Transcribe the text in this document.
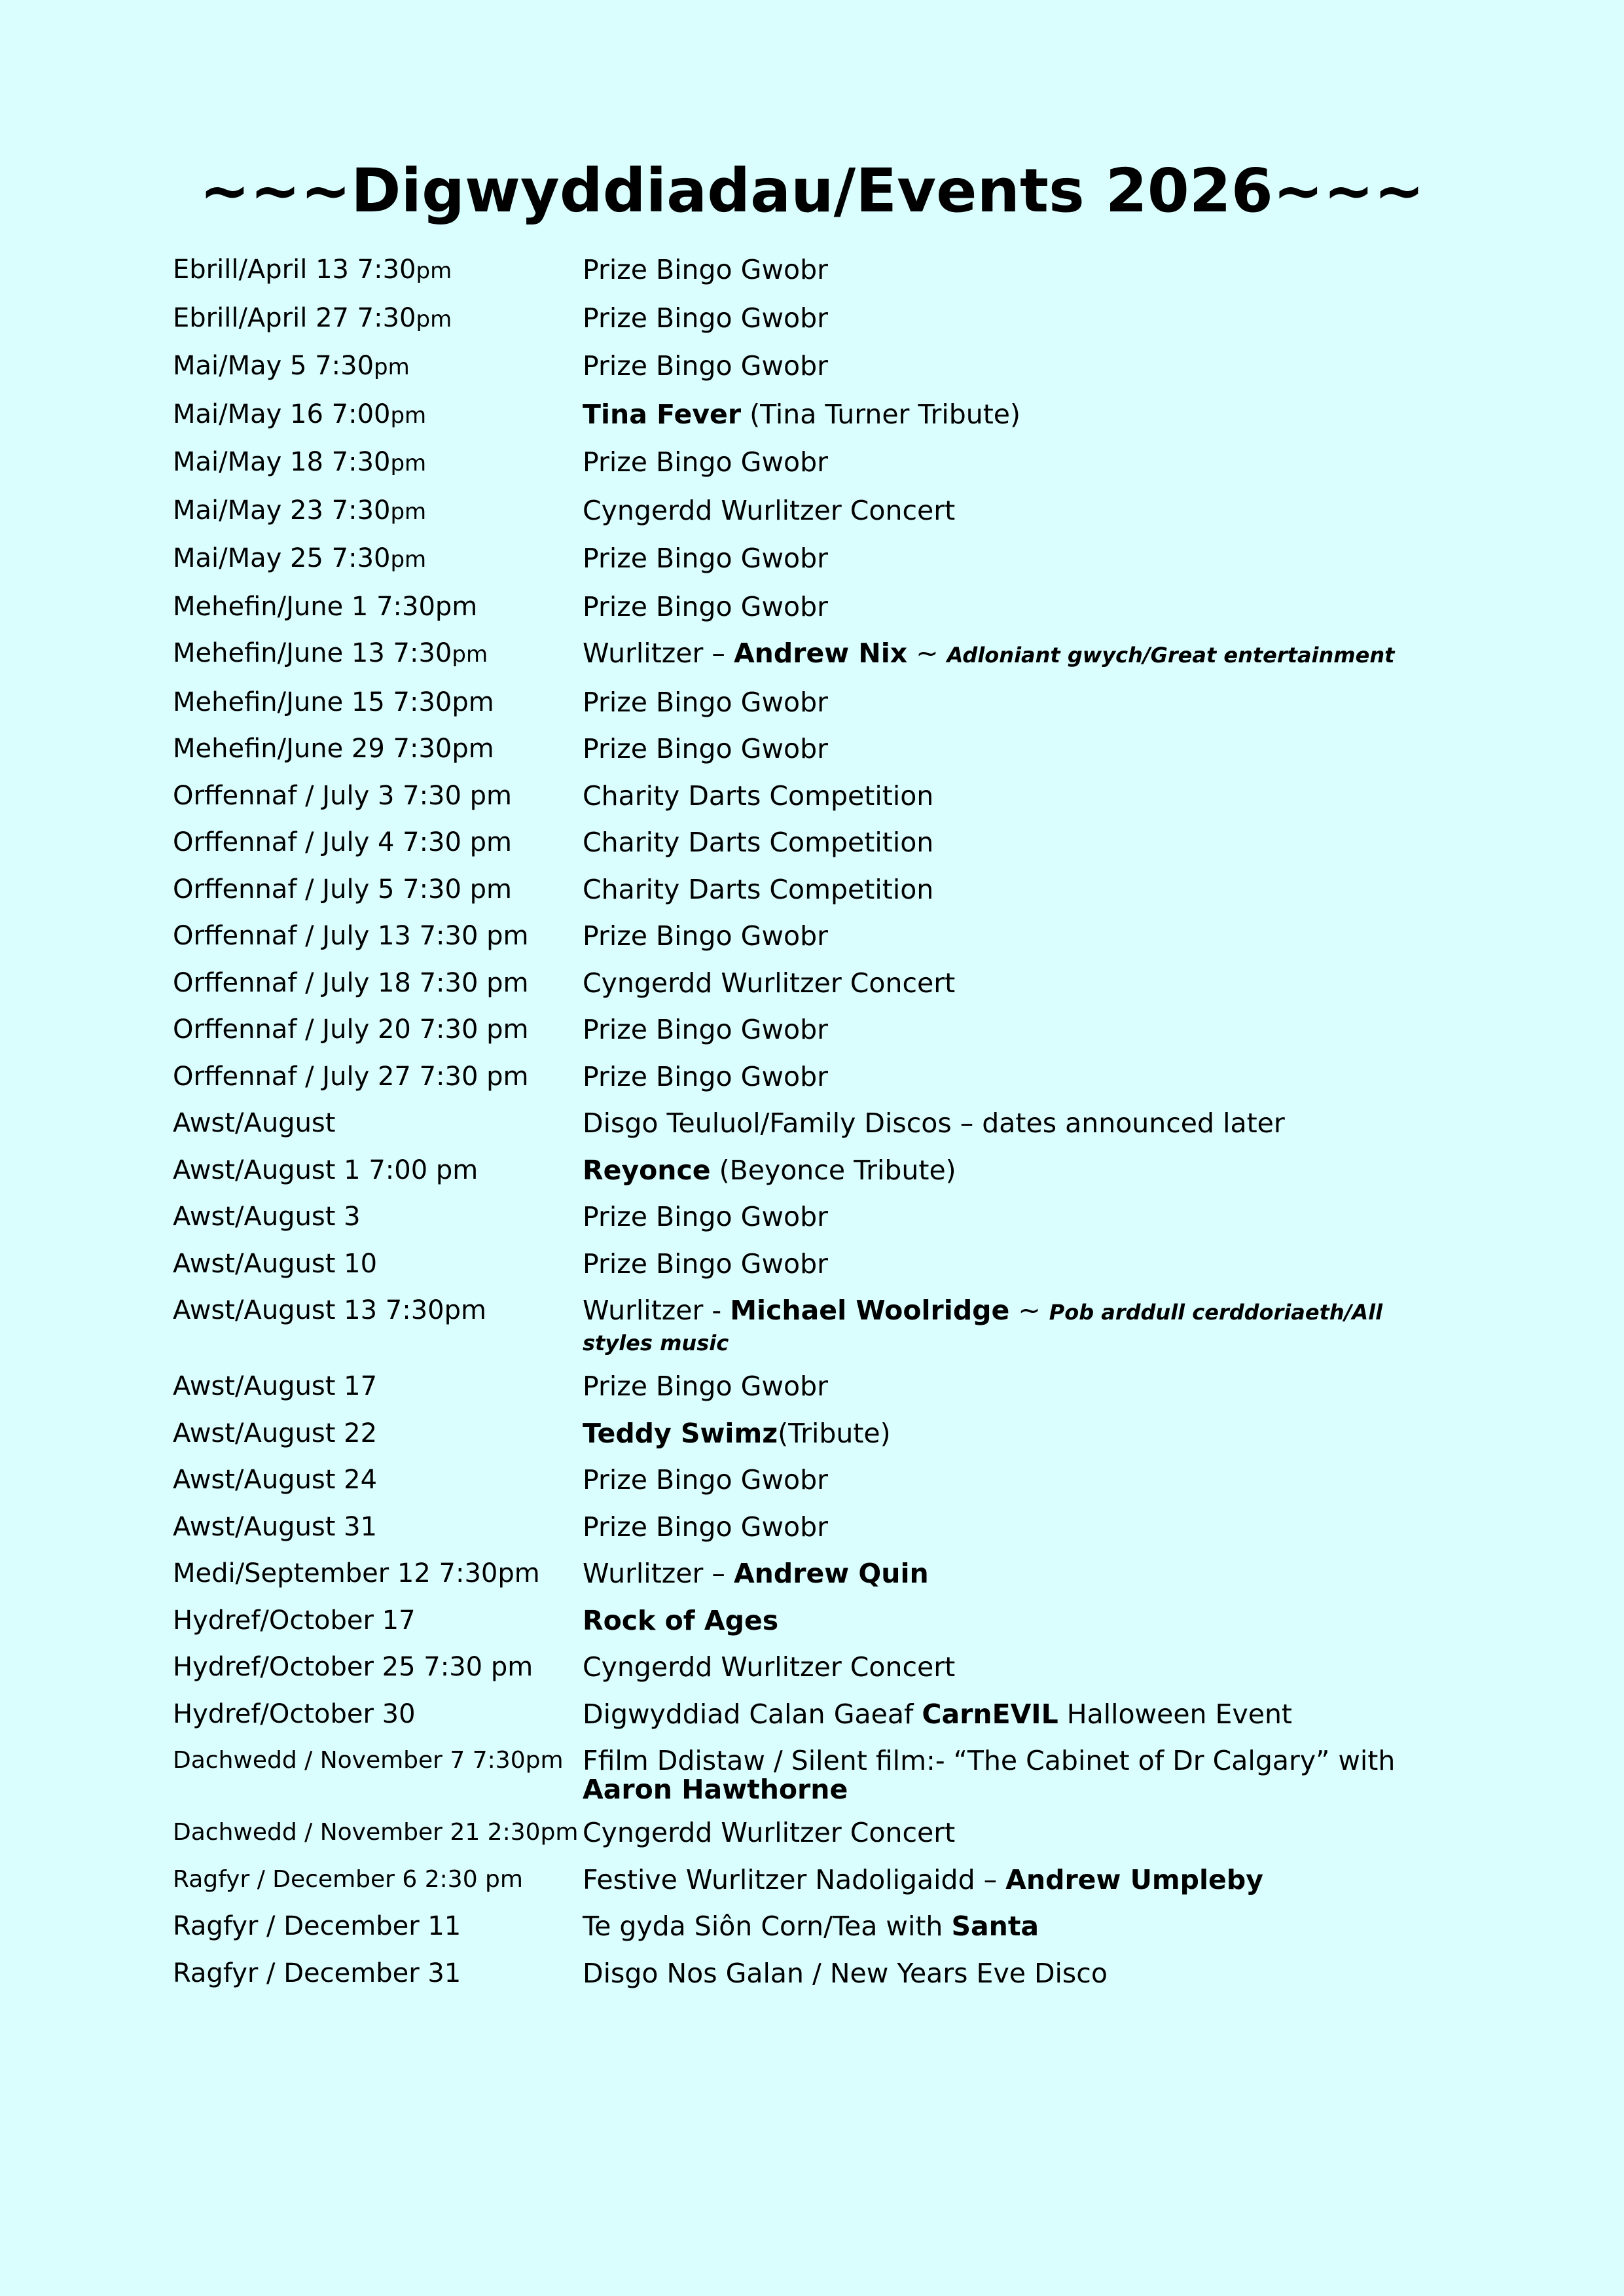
~~~Digwyddiadau/Events 2026~~~
Ebrill/April 13 7:30pm	Prize Bingo Gwobr
Ebrill/April 27 7:30pm	Prize Bingo Gwobr
Mai/May 5 7:30pm	Prize Bingo Gwobr
Mai/May 16 7:00pm	Tina Fever (Tina Turner Tribute)
Mai/May 18 7:30pm	Prize Bingo Gwobr
Mai/May 23 7:30pm	Cyngerdd Wurlitzer Concert
Mai/May 25 7:30pm	Prize Bingo Gwobr
Mehefin/June 1 7:30pm	Prize Bingo Gwobr
Mehefin/June 13 7:30pm	Wurlitzer – Andrew Nix ~ Adloniant gwych/Great entertainment
Mehefin/June 15 7:30pm	Prize Bingo Gwobr
Mehefin/June 29 7:30pm	Prize Bingo Gwobr
Orffennaf / July 3 7:30 pm	Charity Darts Competition
Orffennaf / July 4 7:30 pm	Charity Darts Competition
Orffennaf / July 5 7:30 pm	Charity Darts Competition
Orffennaf / July 13 7:30 pm	Prize Bingo Gwobr
Orffennaf / July 18 7:30 pm	Cyngerdd Wurlitzer Concert
Orffennaf / July 20 7:30 pm	Prize Bingo Gwobr
Orffennaf / July 27 7:30 pm	Prize Bingo Gwobr
Awst/August	Disgo Teuluol/Family Discos – dates announced later
Awst/August 1 7:00 pm	Reyonce (Beyonce Tribute)
Awst/August 3	Prize Bingo Gwobr
Awst/August 10	Prize Bingo Gwobr
Awst/August 13 7:30pm	Wurlitzer - Michael Woolridge ~ Pob arddull cerddoriaeth/All styles music
Awst/August 17	Prize Bingo Gwobr
Awst/August 22	Teddy Swimz(Tribute)
Awst/August 24	Prize Bingo Gwobr
Awst/August 31	Prize Bingo Gwobr
Medi/September 12 7:30pm	Wurlitzer – Andrew Quin
Hydref/October 17	Rock of Ages
Hydref/October 25 7:30 pm	Cyngerdd Wurlitzer Concert
Hydref/October 30	Digwyddiad Calan Gaeaf CarnEVIL Halloween Event
Dachwedd / November 7 7:30pm Ffilm Ddistaw / Silent film:- “The Cabinet of Dr Calgary” with Aaron Hawthorne
Dachwedd / November 21 2:30pm Cyngerdd Wurlitzer Concert
Ragfyr / December 6 2:30 pm	Festive Wurlitzer Nadoligaidd – Andrew Umpleby
Ragfyr / December 11	Te gyda Siôn Corn/Tea with Santa
Ragfyr / December 31	Disgo Nos Galan / New Years Eve Disco
